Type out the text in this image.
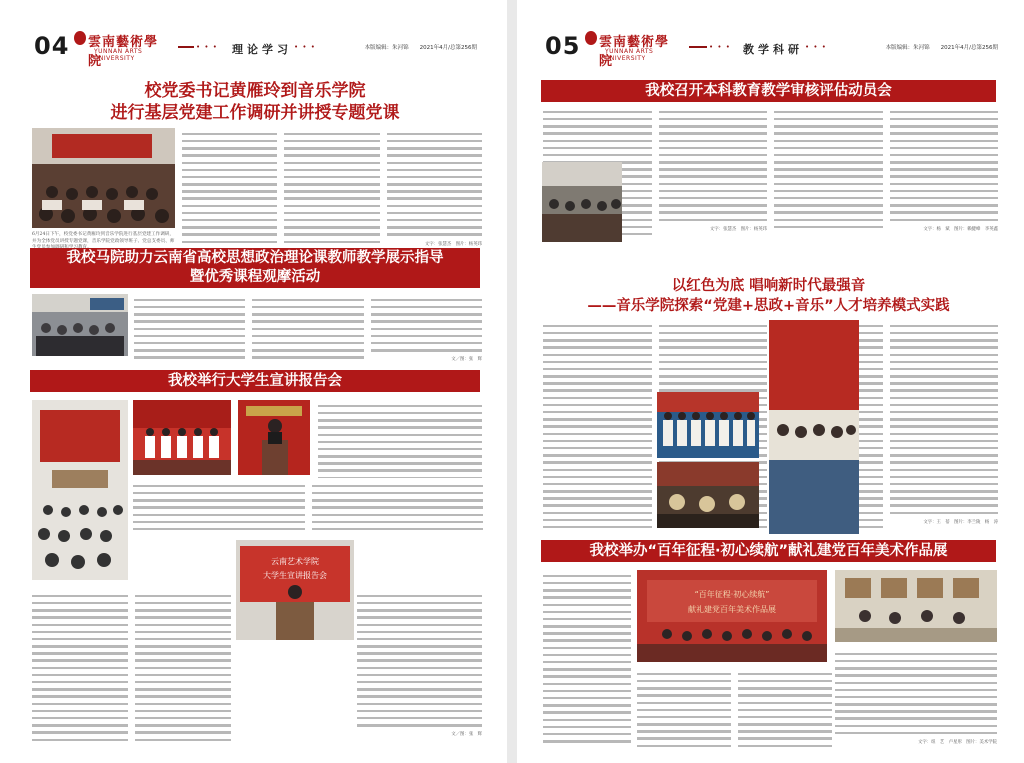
04 雲南藝術學院
YUNNAN ARTS UNIVERSITY
• • • 理论学习 • • •	本版编辑：朱河锦　　2021年4月/总第256期
校党委书记黄雁玲到音乐学院
进行基层党建工作调研并讲授专题党课
6月24日下午，校党委书记黄雁玲到音乐学院进行基层党建工作调研，并为全体党员讲授专题党课，音乐学院党政领导班子、党总支委员、师
文字：张慧杰　图片：杨英玮
我校马院助力云南省高校思想政治理论课教师教学展示指导
暨优秀课程观摩活动
文／图：张　辉
我校举行大学生宣讲报告会
云南艺术学院
大学生宣讲报告会
文／图：张　辉
05 雲南藝術學院
YUNNAN ARTS UNIVERSITY
• • • 教学科研 • • •	本版编辑：朱河锦　　2021年4月/总第256期
我校召开本科教育教学审核评估动员会
文字：张慧杰　图片：杨英玮	文字：杨　斌　图片：赖健峰　李英鑫
以红色为底 唱响新时代最强音
——音乐学院探索“党建+思政+音乐”人才培养模式实践
文字：王　蓓　图片：李兰陵　杨　涛
我校举办“百年征程·初心续航”献礼建党百年美术作品展
“百年征程·初心续航”
献礼建党百年美术作品展
文字：纽　艺　卢星彤　图片：美术学院
